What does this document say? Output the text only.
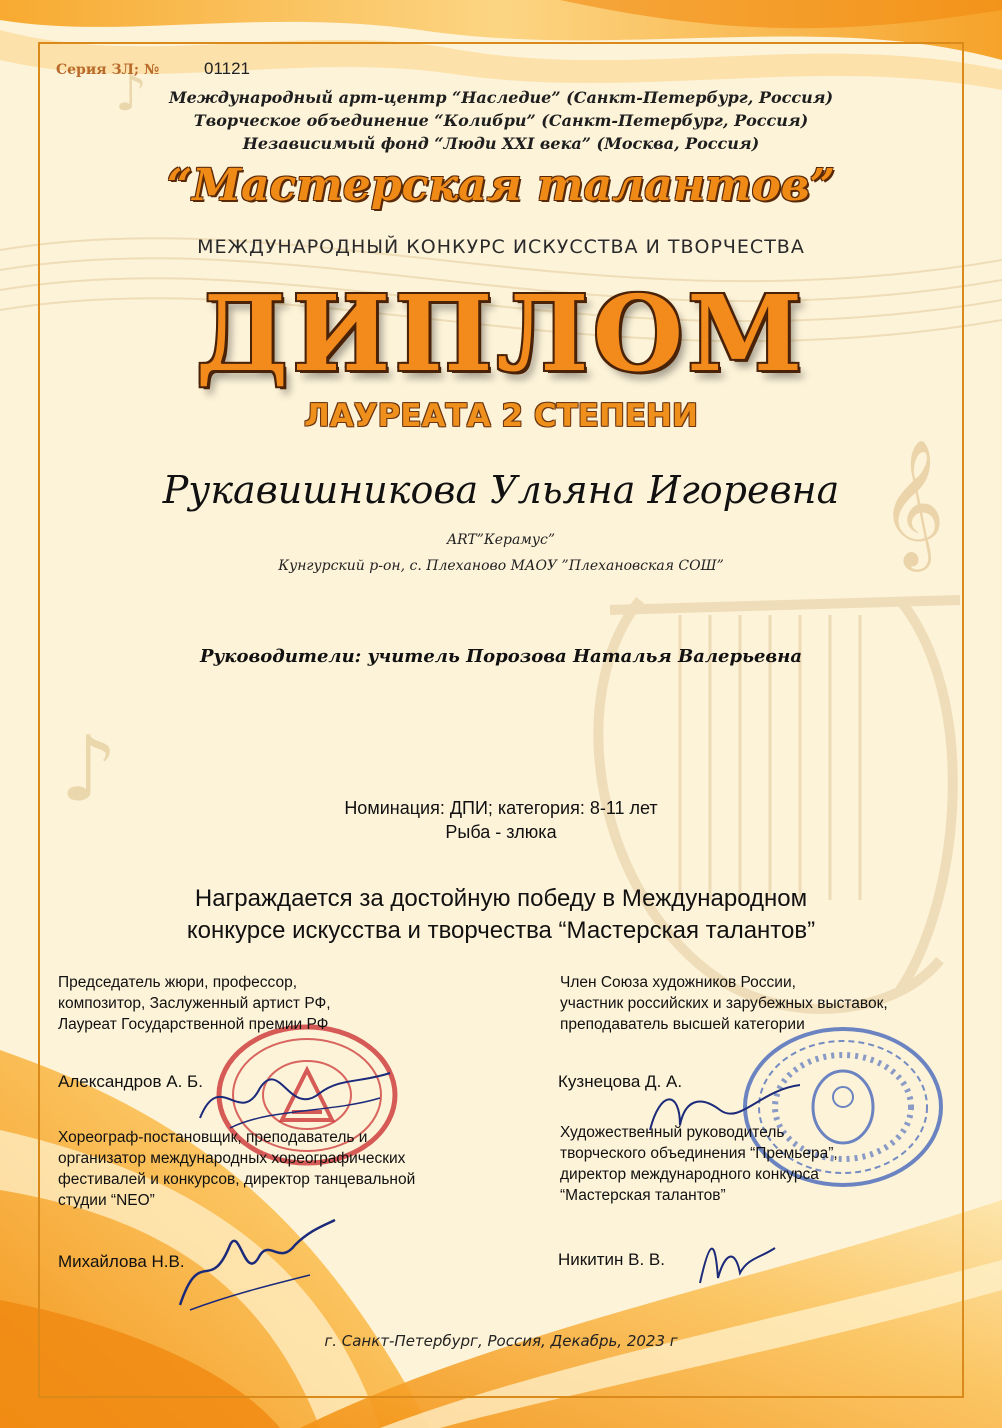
𝄞
♪
♪
Серия ЗЛ; №	01121
Международный арт-центр “Наследие” (Санкт-Петербург, Россия)
Творческое объединение “Колибри” (Санкт-Петербург, Россия)
Независимый фонд “Люди XXI века” (Москва, Россия)
“Мастерская талантов”
МЕЖДУНАРОДНЫЙ КОНКУРС ИСКУССТВА И ТВОРЧЕСТВА
ДИПЛОМ
ЛАУРЕАТА 2 СТЕПЕНИ
Рукавишникова Ульяна Игоревна
ART”Керамус”
Кунгурский р-он, с. Плеханово МАОУ ”Плехановская СОШ”
Руководители: учитель Порозова Наталья Валерьевна
Номинация: ДПИ; категория: 8-11 лет
Рыба - злюка
Награждается за достойную победу в Международном
конкурсе искусства и творчества “Мастерская талантов”
Председатель жюри, профессор,
композитор, Заслуженный артист РФ,
Лауреат Государственной премии РФ
Александров А. Б.
Хореограф-постановщик, преподаватель и
организатор международных хореографических
фестивалей и конкурсов, директор танцевальной
студии “NEO”
Михайлова Н.В.
Член Союза художников России,
участник российских и зарубежных выставок,
преподаватель высшей категории
Кузнецова Д. А.
Художественный руководитель
творческого объединения “Премьера”,
директор международного конкурса
“Мастерская талантов”
Никитин В. В.
г. Санкт-Петербург, Россия, Декабрь, 2023 г
